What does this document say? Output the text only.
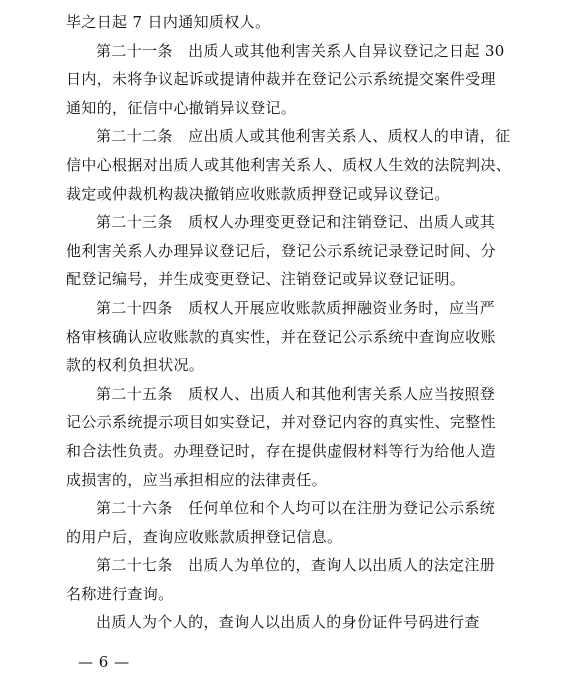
毕之日起 7 日内通知质权人。
第二十一条　出质人或其他利害关系人自异议登记之日起 30
日内，未将争议起诉或提请仲裁并在登记公示系统提交案件受理
通知的，征信中心撤销异议登记。
第二十二条　应出质人或其他利害关系人、质权人的申请，征
信中心根据对出质人或其他利害关系人、质权人生效的法院判决、
裁定或仲裁机构裁决撤销应收账款质押登记或异议登记。
第二十三条　质权人办理变更登记和注销登记、出质人或其
他利害关系人办理异议登记后，登记公示系统记录登记时间、分
配登记编号，并生成变更登记、注销登记或异议登记证明。
第二十四条　质权人开展应收账款质押融资业务时，应当严
格审核确认应收账款的真实性，并在登记公示系统中查询应收账
款的权利负担状况。
第二十五条　质权人、出质人和其他利害关系人应当按照登
记公示系统提示项目如实登记，并对登记内容的真实性、完整性
和合法性负责。办理登记时，存在提供虚假材料等行为给他人造
成损害的，应当承担相应的法律责任。
第二十六条　任何单位和个人均可以在注册为登记公示系统
的用户后，查询应收账款质押登记信息。
第二十七条　出质人为单位的，查询人以出质人的法定注册
名称进行查询。
出质人为个人的，查询人以出质人的身份证件号码进行查
— 6 —
